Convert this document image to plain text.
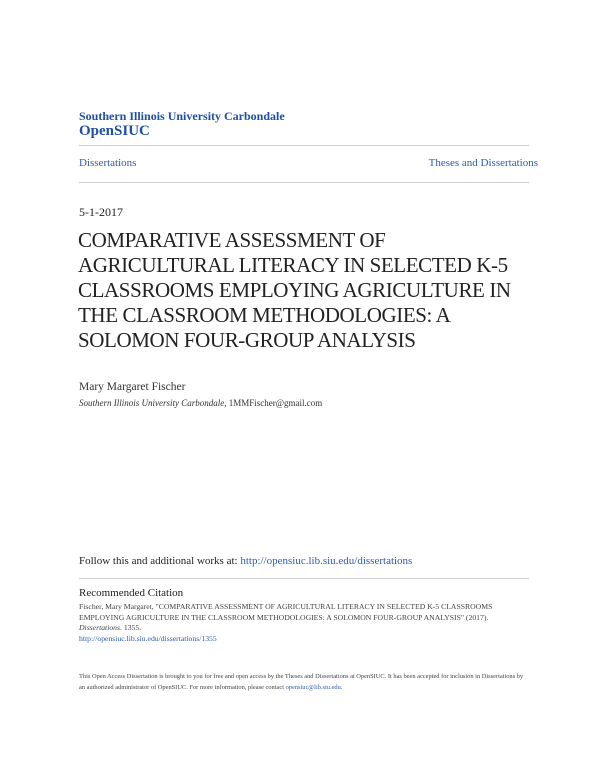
Southern Illinois University Carbondale
OpenSIUC
Dissertations	Theses and Dissertations
5-1-2017
COMPARATIVE ASSESSMENT OF AGRICULTURAL LITERACY IN SELECTED K-5 CLASSROOMS EMPLOYING AGRICULTURE IN THE CLASSROOM METHODOLOGIES: A SOLOMON FOUR-GROUP ANALYSIS
Mary Margaret Fischer
Southern Illinois University Carbondale, 1MMFischer@gmail.com
Follow this and additional works at: http://opensiuc.lib.siu.edu/dissertations
Recommended Citation
Fischer, Mary Margaret, "COMPARATIVE ASSESSMENT OF AGRICULTURAL LITERACY IN SELECTED K-5 CLASSROOMS EMPLOYING AGRICULTURE IN THE CLASSROOM METHODOLOGIES: A SOLOMON FOUR-GROUP ANALYSIS" (2017). Dissertations. 1355.
http://opensiuc.lib.siu.edu/dissertations/1355
This Open Access Dissertation is brought to you for free and open access by the Theses and Dissertations at OpenSIUC. It has been accepted for inclusion in Dissertations by an authorized administrator of OpenSIUC. For more information, please contact opensiuc@lib.siu.edu.
